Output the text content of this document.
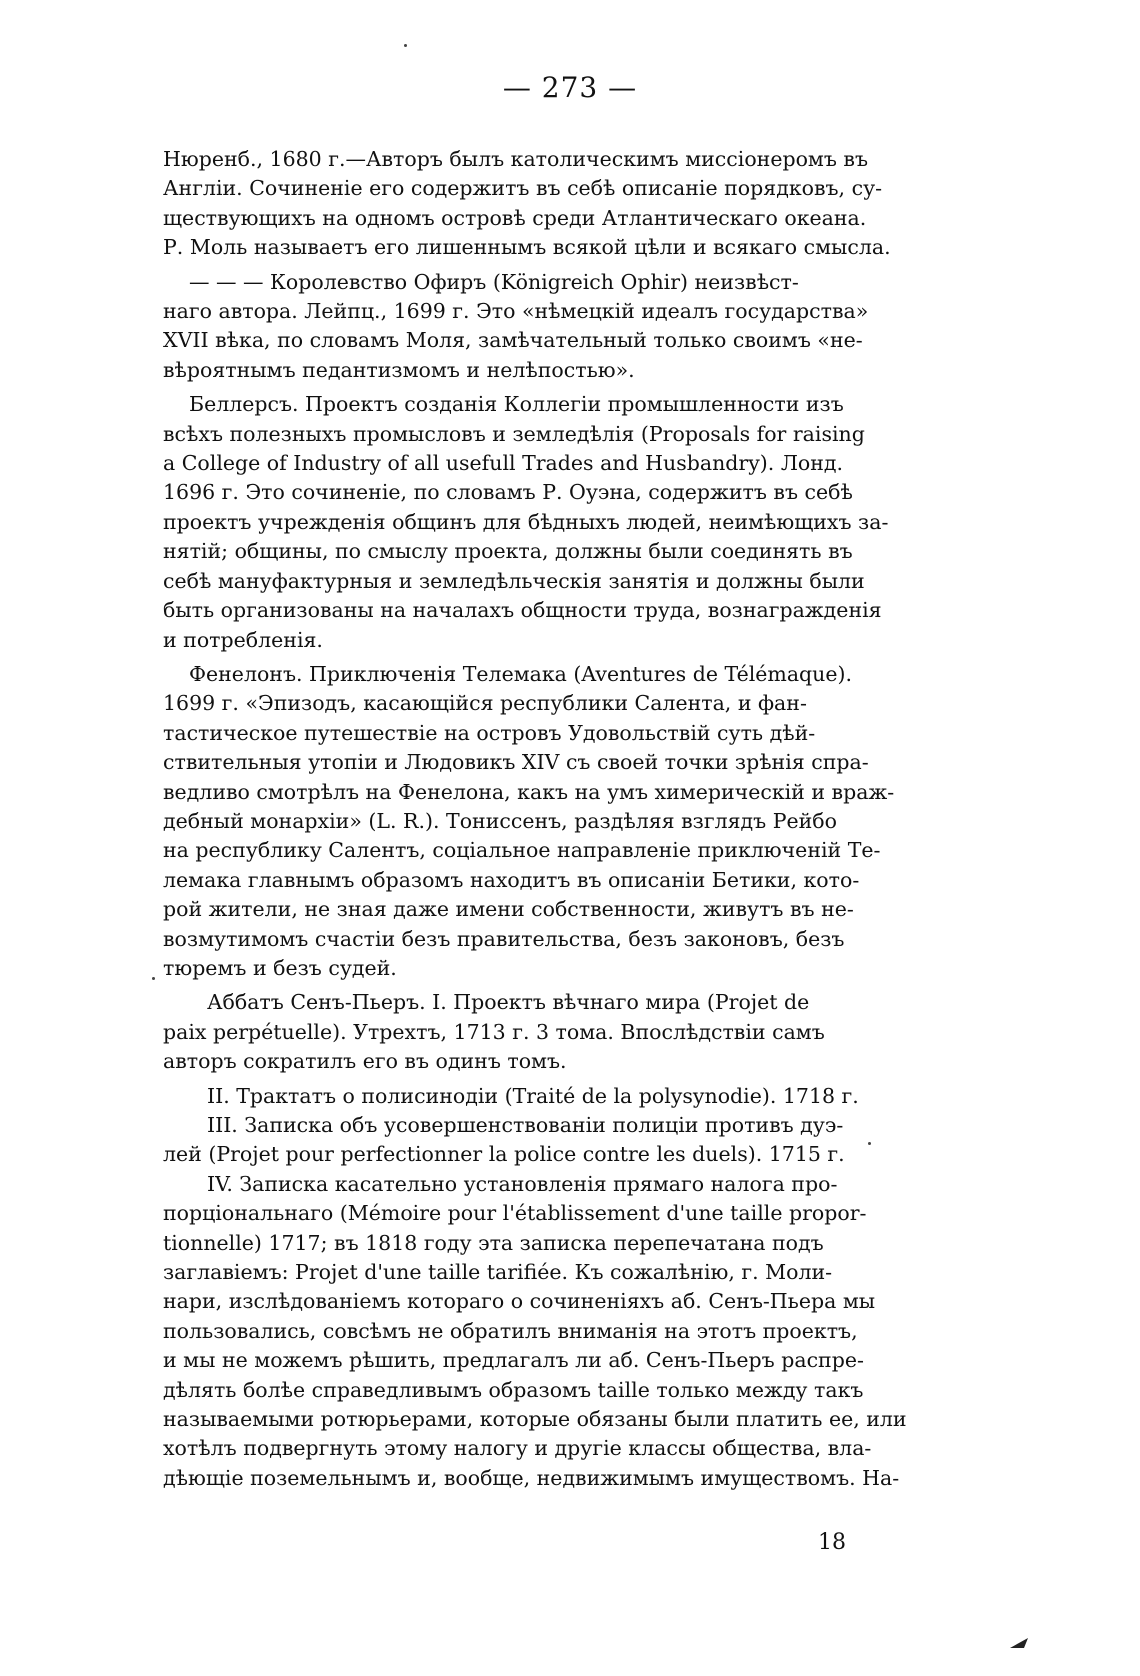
— 273 —
Нюренб., 1680 г.—Авторъ былъ католическимъ миссіонеромъ въ
Англіи. Сочиненіе его содержитъ въ себѣ описаніе порядковъ, су-
ществующихъ на одномъ островѣ среди Атлантическаго океана.
Р. Моль называетъ его лишеннымъ всякой цѣли и всякаго смысла.
— — — Королевство Офиръ (Königreich Ophir) неизвѣст-
наго автора. Лейпц., 1699 г. Это «нѣмецкій идеалъ государства»
XVII вѣка, по словамъ Моля, замѣчательный только своимъ «не-
вѣроятнымъ педантизмомъ и нелѣпостью».
Беллерсъ. Проектъ созданія Коллегіи промышленности изъ
всѣхъ полезныхъ промысловъ и земледѣлія (Proposals for raising
a College of Industry of all usefull Trades and Husbandry). Лонд.
1696 г. Это сочиненіе, по словамъ Р. Оуэна, содержитъ въ себѣ
проектъ учрежденія общинъ для бѣдныхъ людей, неимѣющихъ за-
нятій; общины, по смыслу проекта, должны были соединять въ
себѣ мануфактурныя и земледѣльческія занятія и должны были
быть организованы на началахъ общности труда, вознагражденія
и потребленія.
Фенелонъ. Приключенія Телемака (Aventures de Télémaque).
1699 г. «Эпизодъ, касающійся республики Салента, и фан-
тастическое путешествіе на островъ Удовольствій суть дѣй-
ствительныя утопіи и Людовикъ XIV съ своей точки зрѣнія спра-
ведливо смотрѣлъ на Фенелона, какъ на умъ химерическій и враж-
дебный монархіи» (L. R.). Тониссенъ, раздѣляя взглядъ Рейбо
на республику Салентъ, соціальное направленіе приключеній Те-
лемака главнымъ образомъ находитъ въ описаніи Бетики, кото-
рой жители, не зная даже имени собственности, живутъ въ не-
возмутимомъ счастіи безъ правительства, безъ законовъ, безъ
тюремъ и безъ судей.
Аббатъ Сенъ-Пьеръ. I. Проектъ вѣчнаго мира (Projet de
paix perpétuelle). Утрехтъ, 1713 г. 3 тома. Впослѣдствіи самъ
авторъ сократилъ его въ одинъ томъ.
II. Трактатъ о полисинодіи (Traité de la polysynodie). 1718 г.
III. Записка объ усовершенствованіи полиціи противъ дуэ-
лей (Projet pour perfectionner la police contre les duels). 1715 г.
IV. Записка касательно установленія прямаго налога про-
порціональнаго (Mémoire pour l'établissement d'une taille propor-
tionnelle) 1717; въ 1818 году эта записка перепечатана подъ
заглавіемъ: Projet d'une taille tarifiée. Къ сожалѣнію, г. Моли-
нари, изслѣдованіемъ котораго о сочиненіяхъ аб. Сенъ-Пьера мы
пользовались, совсѣмъ не обратилъ вниманія на этотъ проектъ,
и мы не можемъ рѣшить, предлагалъ ли аб. Сенъ-Пьеръ распре-
дѣлять болѣе справедливымъ образомъ taille только между такъ
называемыми ротюрьерами, которые обязаны были платить ее, или
хотѣлъ подвергнуть этому налогу и другіе классы общества, вла-
дѣющіе поземельнымъ и, вообще, недвижимымъ имуществомъ. На-
18
